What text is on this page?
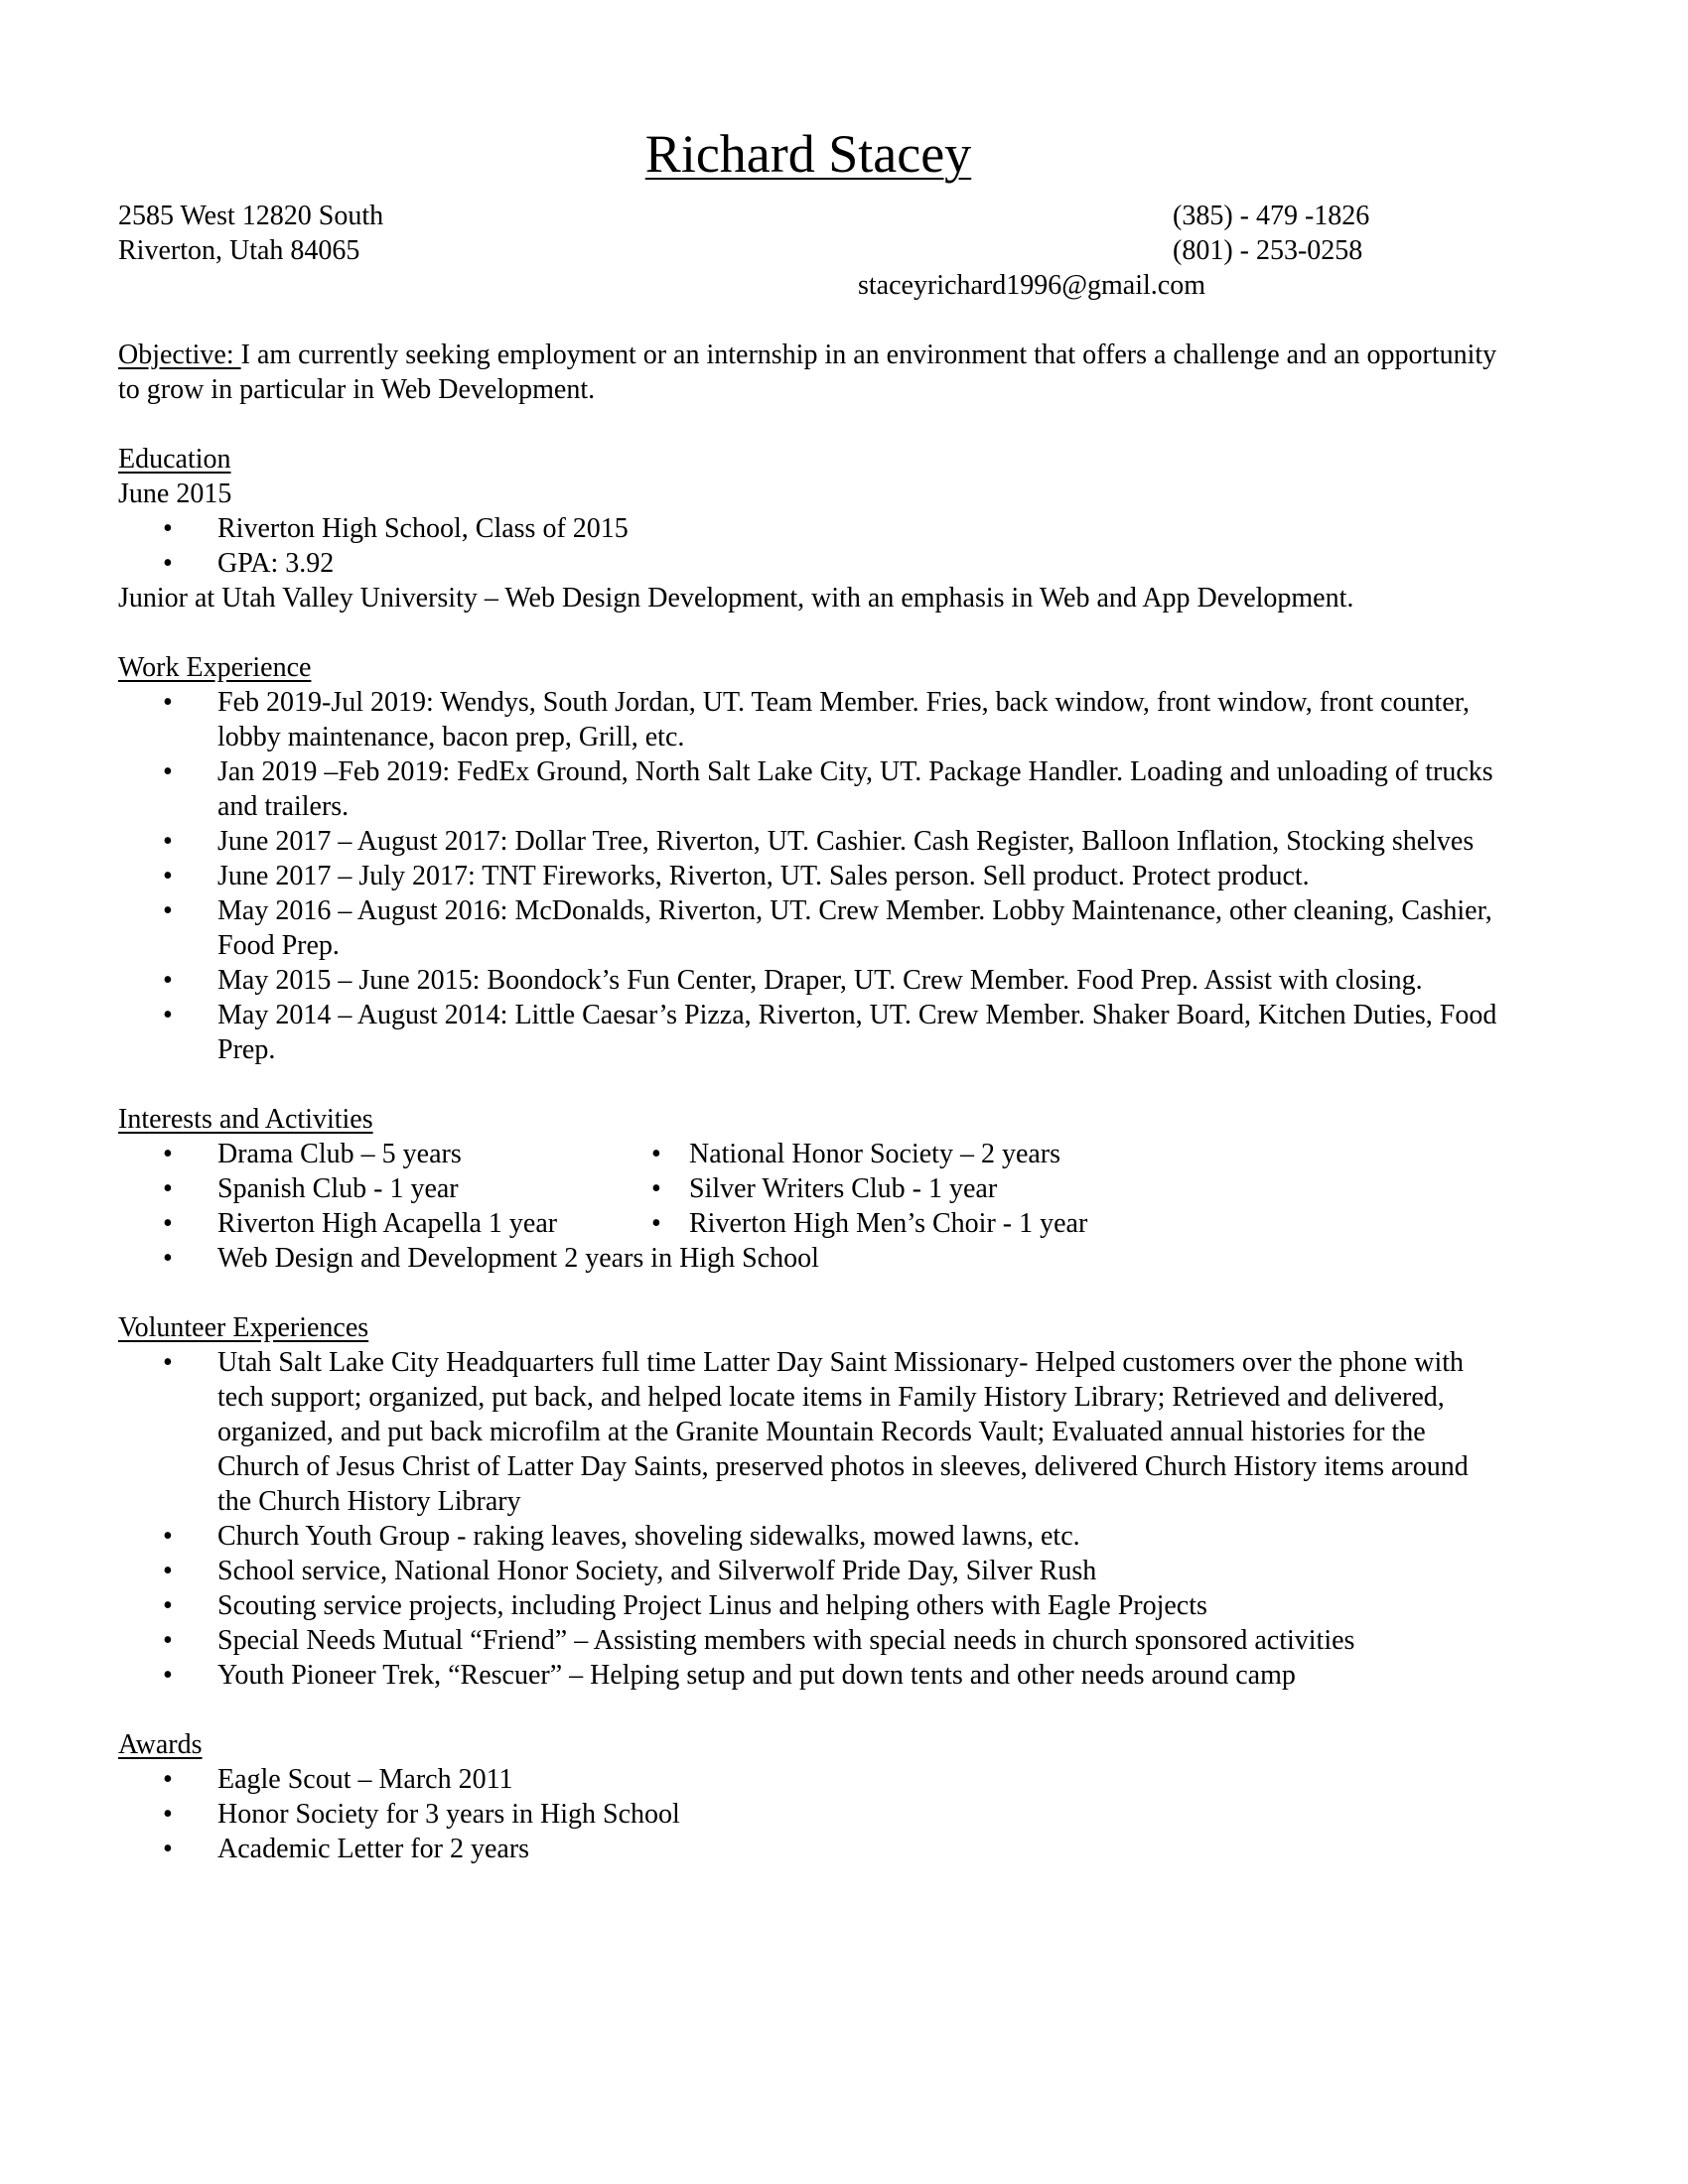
Richard Stacey
2585 West 12820 South
Riverton, Utah 84065
(385) - 479 -1826
(801) - 253-0258
staceyrichard1996@gmail.com
Objective: I am currently seeking employment or an internship in an environment that offers a challenge and an opportunity to grow in particular in Web Development.
Education
June 2015
• Riverton High School, Class of 2015
• GPA: 3.92
Junior at Utah Valley University – Web Design Development, with an emphasis in Web and App Development.
Work Experience
• Feb 2019-Jul 2019: Wendys, South Jordan, UT. Team Member. Fries, back window, front window, front counter, lobby maintenance, bacon prep, Grill, etc.
• Jan 2019 –Feb 2019: FedEx Ground, North Salt Lake City, UT. Package Handler. Loading and unloading of trucks and trailers.
• June 2017 – August 2017: Dollar Tree, Riverton, UT. Cashier. Cash Register, Balloon Inflation, Stocking shelves
• June 2017 – July 2017: TNT Fireworks, Riverton, UT. Sales person. Sell product. Protect product.
• May 2016 – August 2016: McDonalds, Riverton, UT. Crew Member. Lobby Maintenance, other cleaning, Cashier, Food Prep.
• May 2015 – June 2015: Boondock’s Fun Center, Draper, UT. Crew Member. Food Prep. Assist with closing.
• May 2014 – August 2014: Little Caesar’s Pizza, Riverton, UT. Crew Member. Shaker Board, Kitchen Duties, Food Prep.
Interests and Activities
• Drama Club – 5 years	• National Honor Society – 2 years
• Spanish Club - 1 year	• Silver Writers Club - 1 year
• Riverton High Acapella 1 year	• Riverton High Men’s Choir - 1 year
• Web Design and Development 2 years in High School
Volunteer Experiences
• Utah Salt Lake City Headquarters full time Latter Day Saint Missionary- Helped customers over the phone with tech support; organized, put back, and helped locate items in Family History Library; Retrieved and delivered, organized, and put back microfilm at the Granite Mountain Records Vault; Evaluated annual histories for the Church of Jesus Christ of Latter Day Saints, preserved photos in sleeves, delivered Church History items around the Church History Library
• Church Youth Group - raking leaves, shoveling sidewalks, mowed lawns, etc.
• School service, National Honor Society, and Silverwolf Pride Day, Silver Rush
• Scouting service projects, including Project Linus and helping others with Eagle Projects
• Special Needs Mutual “Friend” – Assisting members with special needs in church sponsored activities
• Youth Pioneer Trek, “Rescuer” – Helping setup and put down tents and other needs around camp
Awards
• Eagle Scout – March 2011
• Honor Society for 3 years in High School
• Academic Letter for 2 years
